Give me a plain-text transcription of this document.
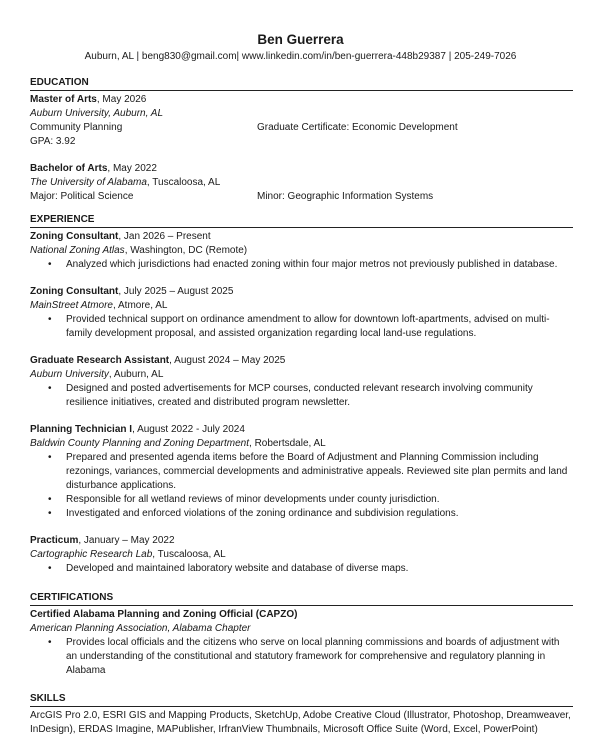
Ben Guerrera
Auburn, AL | beng830@gmail.com| www.linkedin.com/in/ben-guerrera-448b29387 | 205-249-7026
EDUCATION
Master of Arts, May 2026
Auburn University, Auburn, AL
Community Planning	Graduate Certificate: Economic Development
GPA: 3.92
Bachelor of Arts, May 2022
The University of Alabama, Tuscaloosa, AL
Major: Political Science	Minor: Geographic Information Systems
EXPERIENCE
Zoning Consultant, Jan 2026 – Present
National Zoning Atlas, Washington, DC (Remote)
• Analyzed which jurisdictions had enacted zoning within four major metros not previously published in database.
Zoning Consultant, July 2025 – August 2025
MainStreet Atmore, Atmore, AL
• Provided technical support on ordinance amendment to allow for downtown loft-apartments, advised on multi-family development proposal, and assisted organization regarding local land-use regulations.
Graduate Research Assistant, August 2024 – May 2025
Auburn University, Auburn, AL
• Designed and posted advertisements for MCP courses, conducted relevant research involving community resilience initiatives, created and distributed program newsletter.
Planning Technician I, August 2022 - July 2024
Baldwin County Planning and Zoning Department, Robertsdale, AL
• Prepared and presented agenda items before the Board of Adjustment and Planning Commission including rezonings, variances, commercial developments and administrative appeals. Reviewed site plan permits and land disturbance applications.
• Responsible for all wetland reviews of minor developments under county jurisdiction.
• Investigated and enforced violations of the zoning ordinance and subdivision regulations.
Practicum, January – May 2022
Cartographic Research Lab, Tuscaloosa, AL
• Developed and maintained laboratory website and database of diverse maps.
CERTIFICATIONS
Certified Alabama Planning and Zoning Official (CAPZO)
American Planning Association, Alabama Chapter
• Provides local officials and the citizens who serve on local planning commissions and boards of adjustment with an understanding of the constitutional and statutory framework for comprehensive and regulatory planning in Alabama
SKILLS
ArcGIS Pro 2.0, ESRI GIS and Mapping Products, SketchUp, Adobe Creative Cloud (Illustrator, Photoshop, Dreamweaver, InDesign), ERDAS Imagine, MAPublisher, IrfranView Thumbnails, Microsoft Office Suite (Word, Excel, PowerPoint)
